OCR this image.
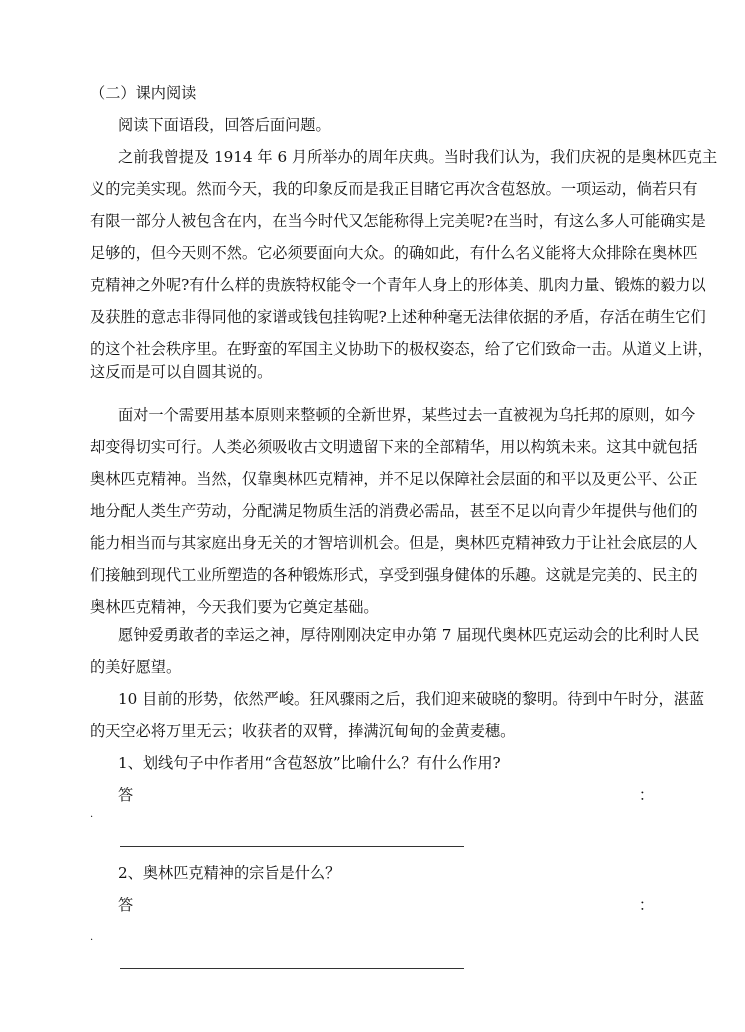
（二）课内阅读
阅读下面语段，回答后面问题。
之前我曾提及 1914 年 6 月所举办的周年庆典。当时我们认为，我们庆祝的是奥林匹克主
义的完美实现。然而今天，我的印象反而是我正目睹它再次含苞怒放。一项运动，倘若只有
有限一部分人被包含在内，在当今时代又怎能称得上完美呢?在当时，有这么多人可能确实是
足够的，但今天则不然。它必须要面向大众。的确如此，有什么名义能将大众排除在奥林匹
克精神之外呢?有什么样的贵族特权能令一个青年人身上的形体美、肌肉力量、锻炼的毅力以
及获胜的意志非得同他的家谱或钱包挂钩呢?上述种种毫无法律依据的矛盾，存活在萌生它们
的这个社会秩序里。在野蛮的军国主义协助下的极权姿态，给了它们致命一击。从道义上讲，
这反而是可以自圆其说的。
面对一个需要用基本原则来整顿的全新世界，某些过去一直被视为乌托邦的原则，如今
却变得切实可行。人类必须吸收古文明遗留下来的全部精华，用以构筑未来。这其中就包括
奥林匹克精神。当然，仅靠奥林匹克精神，并不足以保障社会层面的和平以及更公平、公正
地分配人类生产劳动，分配满足物质生活的消费必需品，甚至不足以向青少年提供与他们的
能力相当而与其家庭出身无关的才智培训机会。但是，奥林匹克精神致力于让社会底层的人
们接触到现代工业所塑造的各种锻炼形式，享受到强身健体的乐趣。这就是完美的、民主的
奥林匹克精神，今天我们要为它奠定基础。
愿钟爱勇敢者的幸运之神，厚待刚刚决定申办第 7 届现代奥林匹克运动会的比利时人民
的美好愿望。
10 目前的形势，依然严峻。狂风骤雨之后，我们迎来破晓的黎明。待到中午时分，湛蓝
的天空必将万里无云；收获者的双臂，捧满沉甸甸的金黄麦穗。
1、划线句子中作者用“含苞怒放”比喻什么？有什么作用?
答	：
.
2、奥林匹克精神的宗旨是什么？
答	：
.
